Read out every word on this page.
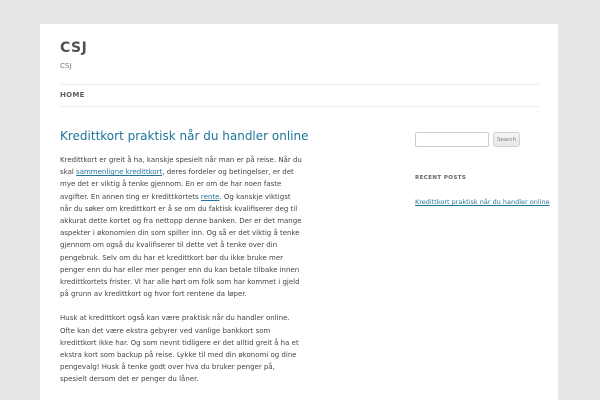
CSJ
CSJ
HOME
Kredittkort praktisk når du handler online

Kredittkort er greit å ha, kanskje spesielt når man er på reise. Når du skal sammenligne kredittkort, deres fordeler og betingelser, er det mye det er viktig å tenke gjennom. En er om de har noen faste avgifter. En annen ting er kredittkortets rente. Og kanskje viktigst når du søker om kredittkort er å se om du faktisk kvalifiserer deg til akkurat dette kortet og fra nettopp denne banken. Der er det mange aspekter i økonomien din som spiller inn. Og så er det viktig å tenke gjennom om også du kvalifiserer til dette vet å tenke over din pengebruk. Selv om du har et kredittkort bør du ikke bruke mer penger enn du har eller mer penger enn du kan betale tilbake innen kredittkortets frister. Vi har alle hørt om folk som har kommet i gjeld på grunn av kredittkort og hvor fort rentene da løper.

Husk at kredittkort også kan være praktisk når du handler online. Ofte kan det være ekstra gebyrer ved vanlige bankkort som kredittkort ikke har. Og som nevnt tidligere er det alltid greit å ha et ekstra kort som backup på reise. Lykke til med din økonomi og dine pengevalg! Husk å tenke godt over hva du bruker penger på, spesielt dersom det er penger du låner.

Search
RECENT POSTS
Kredittkort praktisk når du handler online
